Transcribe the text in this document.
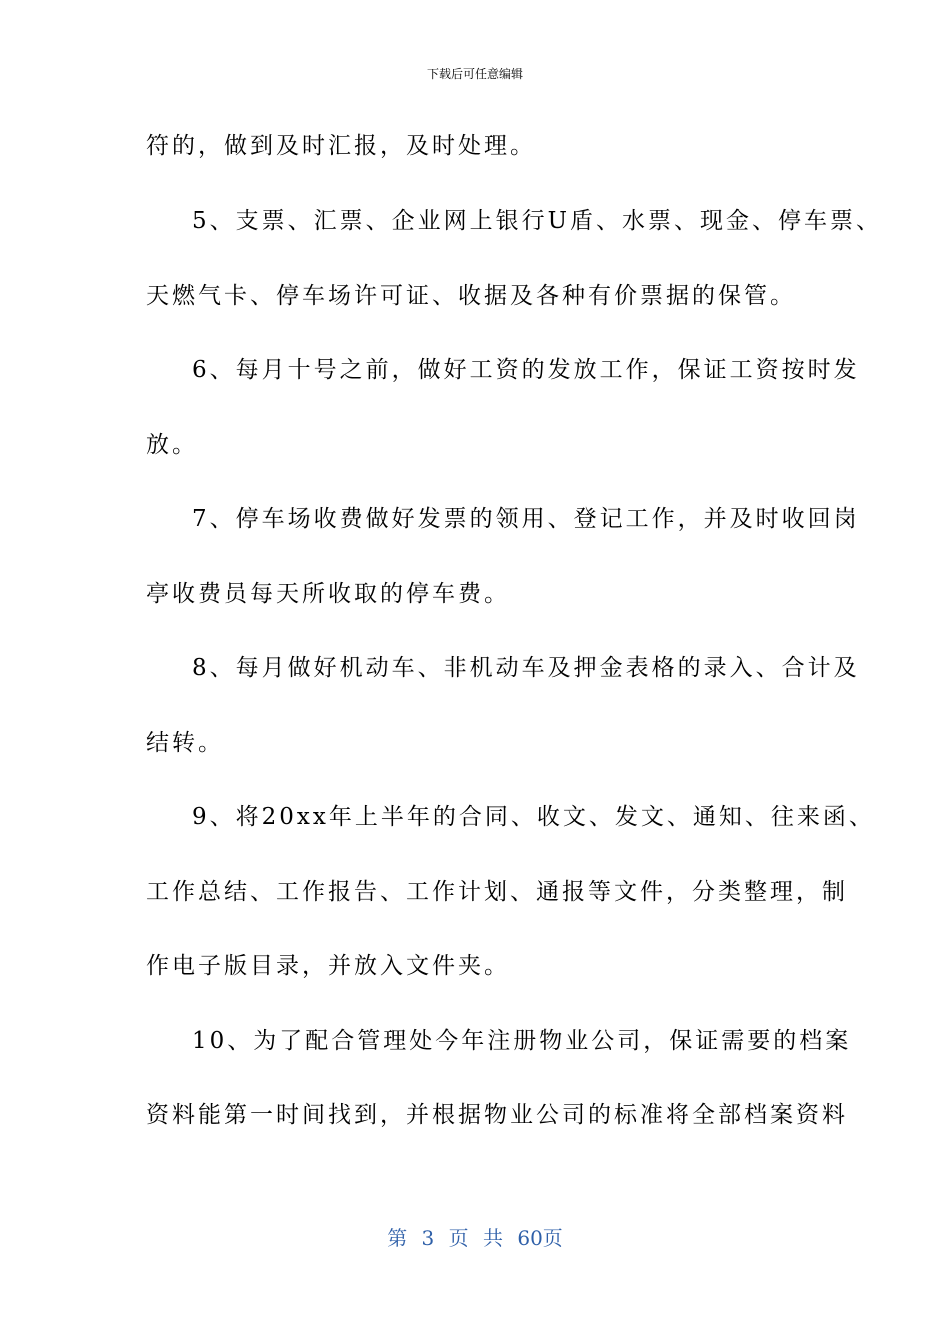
下载后可任意编辑
符的，做到及时汇报，及时处理。
5、支票、汇票、企业网上银行U盾、水票、现金、停车票、
天燃气卡、停车场许可证、收据及各种有价票据的保管。
6、每月十号之前，做好工资的发放工作，保证工资按时发
放。
7、停车场收费做好发票的领用、登记工作，并及时收回岗
亭收费员每天所收取的停车费。
8、每月做好机动车、非机动车及押金表格的录入、合计及
结转。
9、将20xx年上半年的合同、收文、发文、通知、往来函、
工作总结、工作报告、工作计划、通报等文件，分类整理，制
作电子版目录，并放入文件夹。
10、为了配合管理处今年注册物业公司，保证需要的档案
资料能第一时间找到，并根据物业公司的标准将全部档案资料
第 3 页 共 60页
